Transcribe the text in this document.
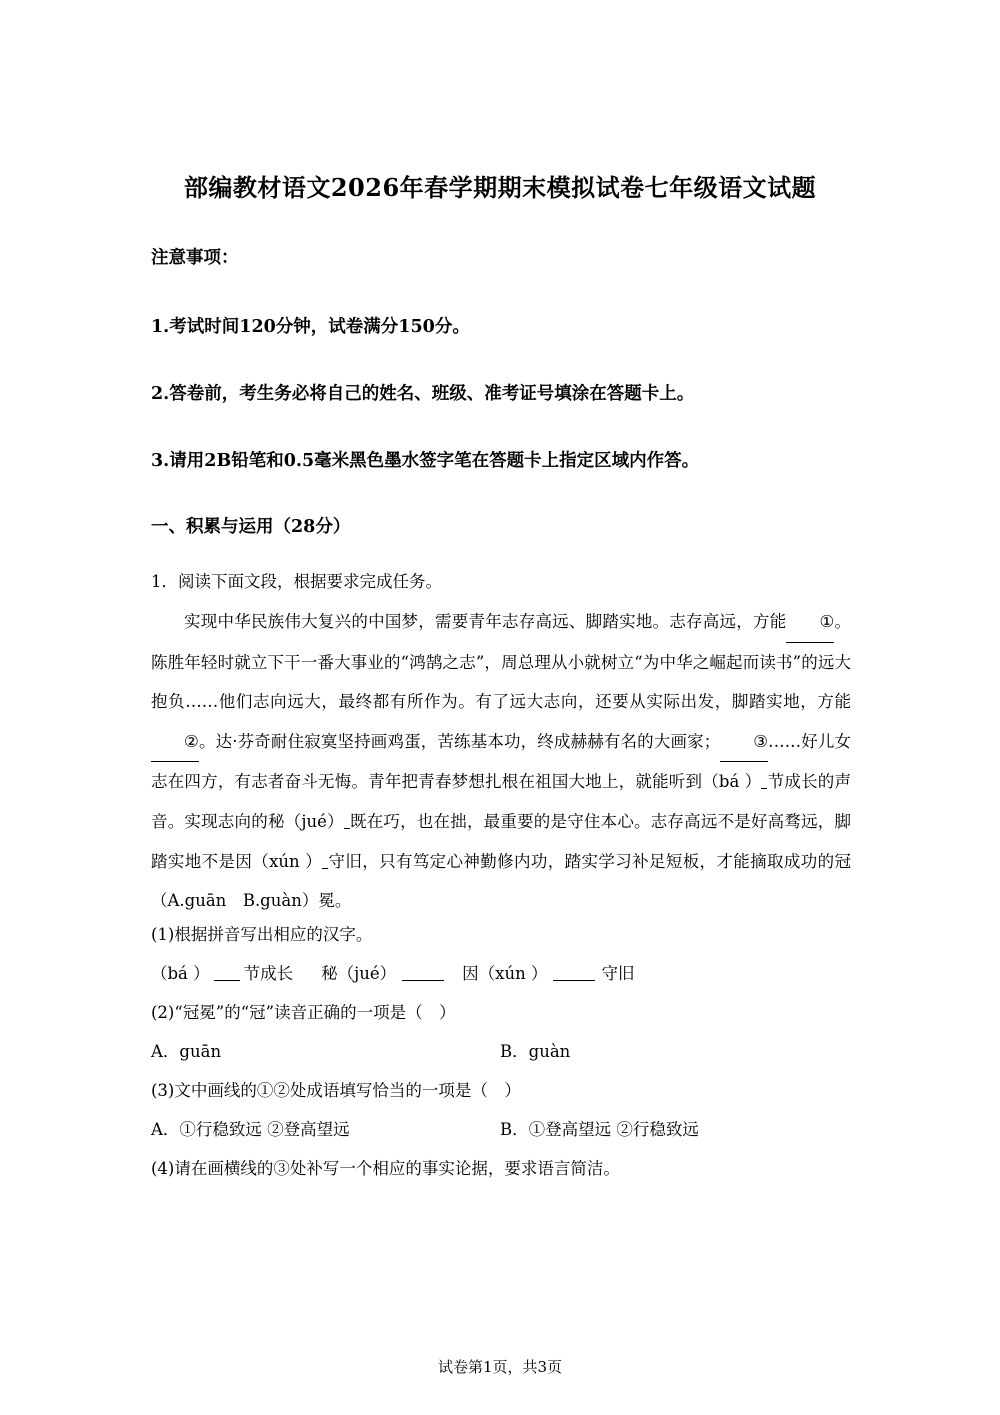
部编教材语文2026年春学期期末模拟试卷七年级语文试题
注意事项：
1.考试时间120分钟，试卷满分150分。
2.答卷前，考生务必将自己的姓名、班级、准考证号填涂在答题卡上。
3.请用2B铅笔和0.5毫米黑色墨水签字笔在答题卡上指定区域内作答。
一、积累与运用（28分）
1．阅读下面文段，根据要求完成任务。
实现中华民族伟大复兴的中国梦，需要青年志存高远、脚踏实地。志存高远，方能 ①。陈胜年轻时就立下干一番大事业的“鸿鹄之志”，周总理从小就树立“为中华之崛起而读书”的远大抱负……他们志向远大，最终都有所作为。有了远大志向，还要从实际出发，脚踏实地，方能②。达·芬奇耐住寂寞坚持画鸡蛋，苦练基本功，终成赫赫有名的大画家； ③……好儿女志在四方，有志者奋斗无悔。青年把青春梦想扎根在祖国大地上，就能听到（bá ） 节成长的声音。实现志向的秘（jué） 既在巧，也在拙，最重要的是守住本心。志存高远不是好高骛远，脚踏实地不是因（xún ） 守旧，只有笃定心神勤修内功，踏实学习补足短板，才能摘取成功的冠（A.guān　B.guàn）冕。
(1)根据拼音写出相应的汉字。
（bá ） 节成长 秘（jué）	因（xún ）	守旧
(2)“冠冕”的“冠”读音正确的一项是（　）
A．guān	B．guàn
(3)文中画线的①②处成语填写恰当的一项是（　）
A．①行稳致远 ②登高望远	B．①登高望远 ②行稳致远
(4)请在画横线的③处补写一个相应的事实论据，要求语言简洁。
试卷第1页，共3页
